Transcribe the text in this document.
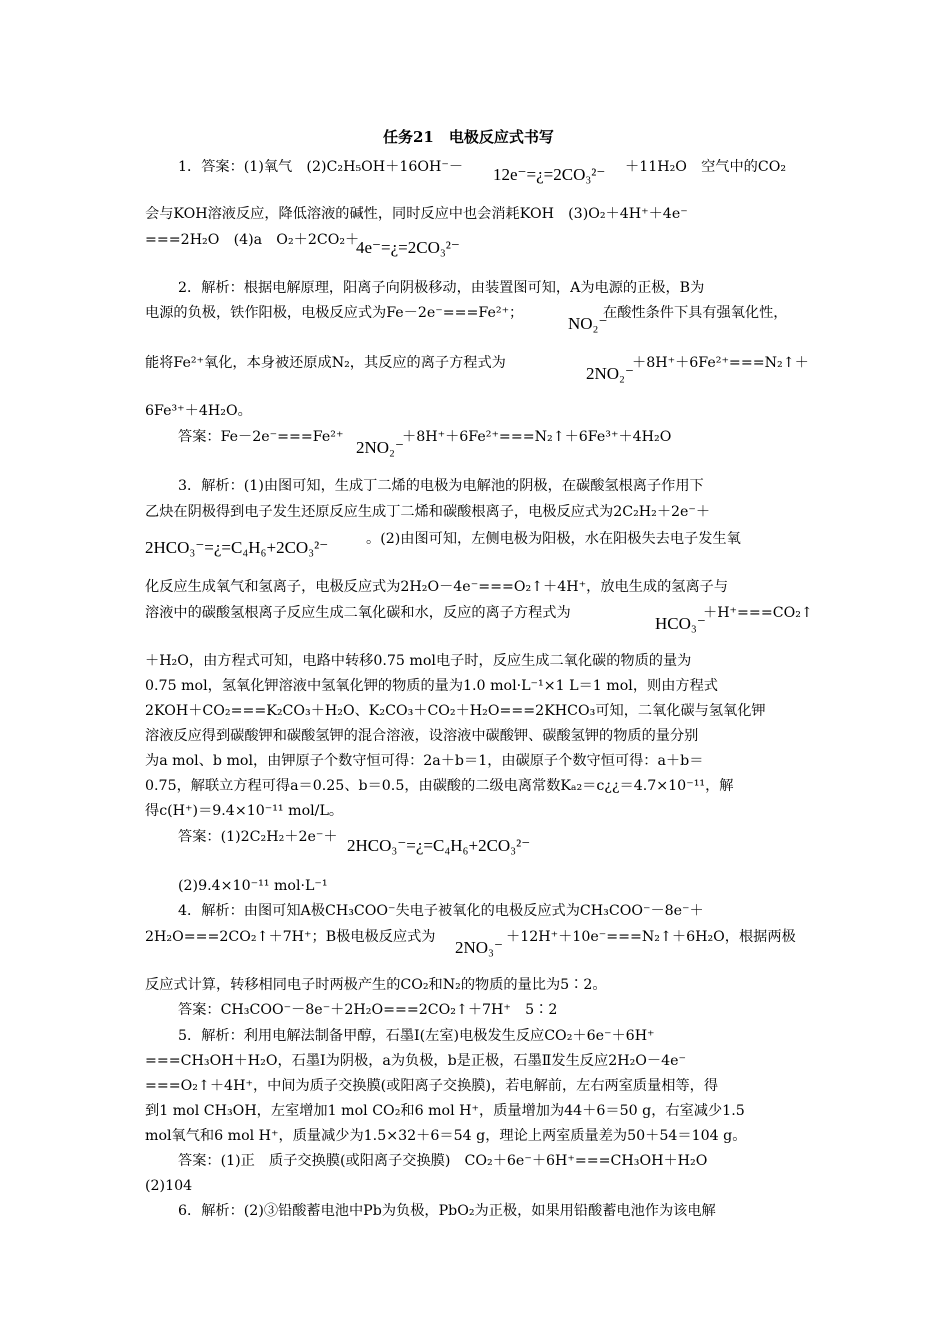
任务21　电极反应式书写
1．答案：(1)氧气　(2)C₂H₅OH＋16OH⁻－	＋11H₂O　空气中的CO₂
会与KOH溶液反应，降低溶液的碱性，同时反应中也会消耗KOH　(3)O₂＋4H⁺＋4e⁻
===2H₂O　(4)a　O₂＋2CO₂＋
2．解析：根据电解原理，阳离子向阴极移动，由装置图可知，A为电源的正极，B为
电源的负极，铁作阳极，电极反应式为Fe－2e⁻===Fe²⁺；	在酸性条件下具有强氧化性，
能将Fe²⁺氧化，本身被还原成N₂，其反应的离子方程式为	＋8H⁺＋6Fe²⁺===N₂↑＋
6Fe³⁺＋4H₂O。
答案：Fe－2e⁻===Fe²⁺	＋8H⁺＋6Fe²⁺===N₂↑＋6Fe³⁺＋4H₂O
3．解析：(1)由图可知，生成丁二烯的电极为电解池的阴极，在碳酸氢根离子作用下
乙炔在阴极得到电子发生还原反应生成丁二烯和碳酸根离子，电极反应式为2C₂H₂＋2e⁻＋
。(2)由图可知，左侧电极为阳极，水在阳极失去电子发生氧
化反应生成氧气和氢离子，电极反应式为2H₂O－4e⁻===O₂↑＋4H⁺，放电生成的氢离子与
溶液中的碳酸氢根离子反应生成二氧化碳和水，反应的离子方程式为	＋H⁺===CO₂↑
＋H₂O，由方程式可知，电路中转移0.75 mol电子时，反应生成二氧化碳的物质的量为
0.75 mol，氢氧化钾溶液中氢氧化钾的物质的量为1.0 mol·L⁻¹×1 L＝1 mol，则由方程式
2KOH＋CO₂===K₂CO₃＋H₂O、K₂CO₃＋CO₂＋H₂O===2KHCO₃可知，二氧化碳与氢氧化钾
溶液反应得到碳酸钾和碳酸氢钾的混合溶液，设溶液中碳酸钾、碳酸氢钾的物质的量分别
为a mol、b mol，由钾原子个数守恒可得：2a＋b＝1，由碳原子个数守恒可得：a＋b＝
0.75，解联立方程可得a＝0.25、b＝0.5，由碳酸的二级电离常数Kₐ₂＝c¿¿＝4.7×10⁻¹¹，解
得c(H⁺)＝9.4×10⁻¹¹ mol/L。
答案：(1)2C₂H₂＋2e⁻＋
(2)9.4×10⁻¹¹ mol·L⁻¹
4．解析：由图可知A极CH₃COO⁻失电子被氧化的电极反应式为CH₃COO⁻－8e⁻＋
2H₂O===2CO₂↑＋7H⁺；B极电极反应式为	＋12H⁺＋10e⁻===N₂↑＋6H₂O，根据两极
反应式计算，转移相同电子时两极产生的CO₂和N₂的物质的量比为5∶2。
答案：CH₃COO⁻－8e⁻＋2H₂O===2CO₂↑＋7H⁺　5∶2
5．解析：利用电解法制备甲醇，石墨Ⅰ(左室)电极发生反应CO₂＋6e⁻＋6H⁺
===CH₃OH＋H₂O，石墨Ⅰ为阴极，a为负极，b是正极，石墨Ⅱ发生反应2H₂O－4e⁻
===O₂↑＋4H⁺，中间为质子交换膜(或阳离子交换膜)，若电解前，左右两室质量相等，得
到1 mol CH₃OH，左室增加1 mol CO₂和6 mol H⁺，质量增加为44＋6＝50 g，右室减少1.5
mol氧气和6 mol H⁺，质量减少为1.5×32＋6＝54 g，理论上两室质量差为50＋54＝104 g。
答案：(1)正　质子交换膜(或阳离子交换膜)　CO₂＋6e⁻＋6H⁺===CH₃OH＋H₂O
(2)104
6．解析：(2)③铅酸蓄电池中Pb为负极，PbO₂为正极，如果用铅酸蓄电池作为该电解
12e⁻=¿=2CO₃²⁻
4e⁻=¿=2CO₃²⁻
NO₂⁻
2NO₂⁻
2NO₂⁻
2HCO₃⁻=¿=C₄H₆+2CO₃²⁻
HCO₃⁻
2HCO₃⁻=¿=C₄H₆+2CO₃²⁻
2NO₃⁻
